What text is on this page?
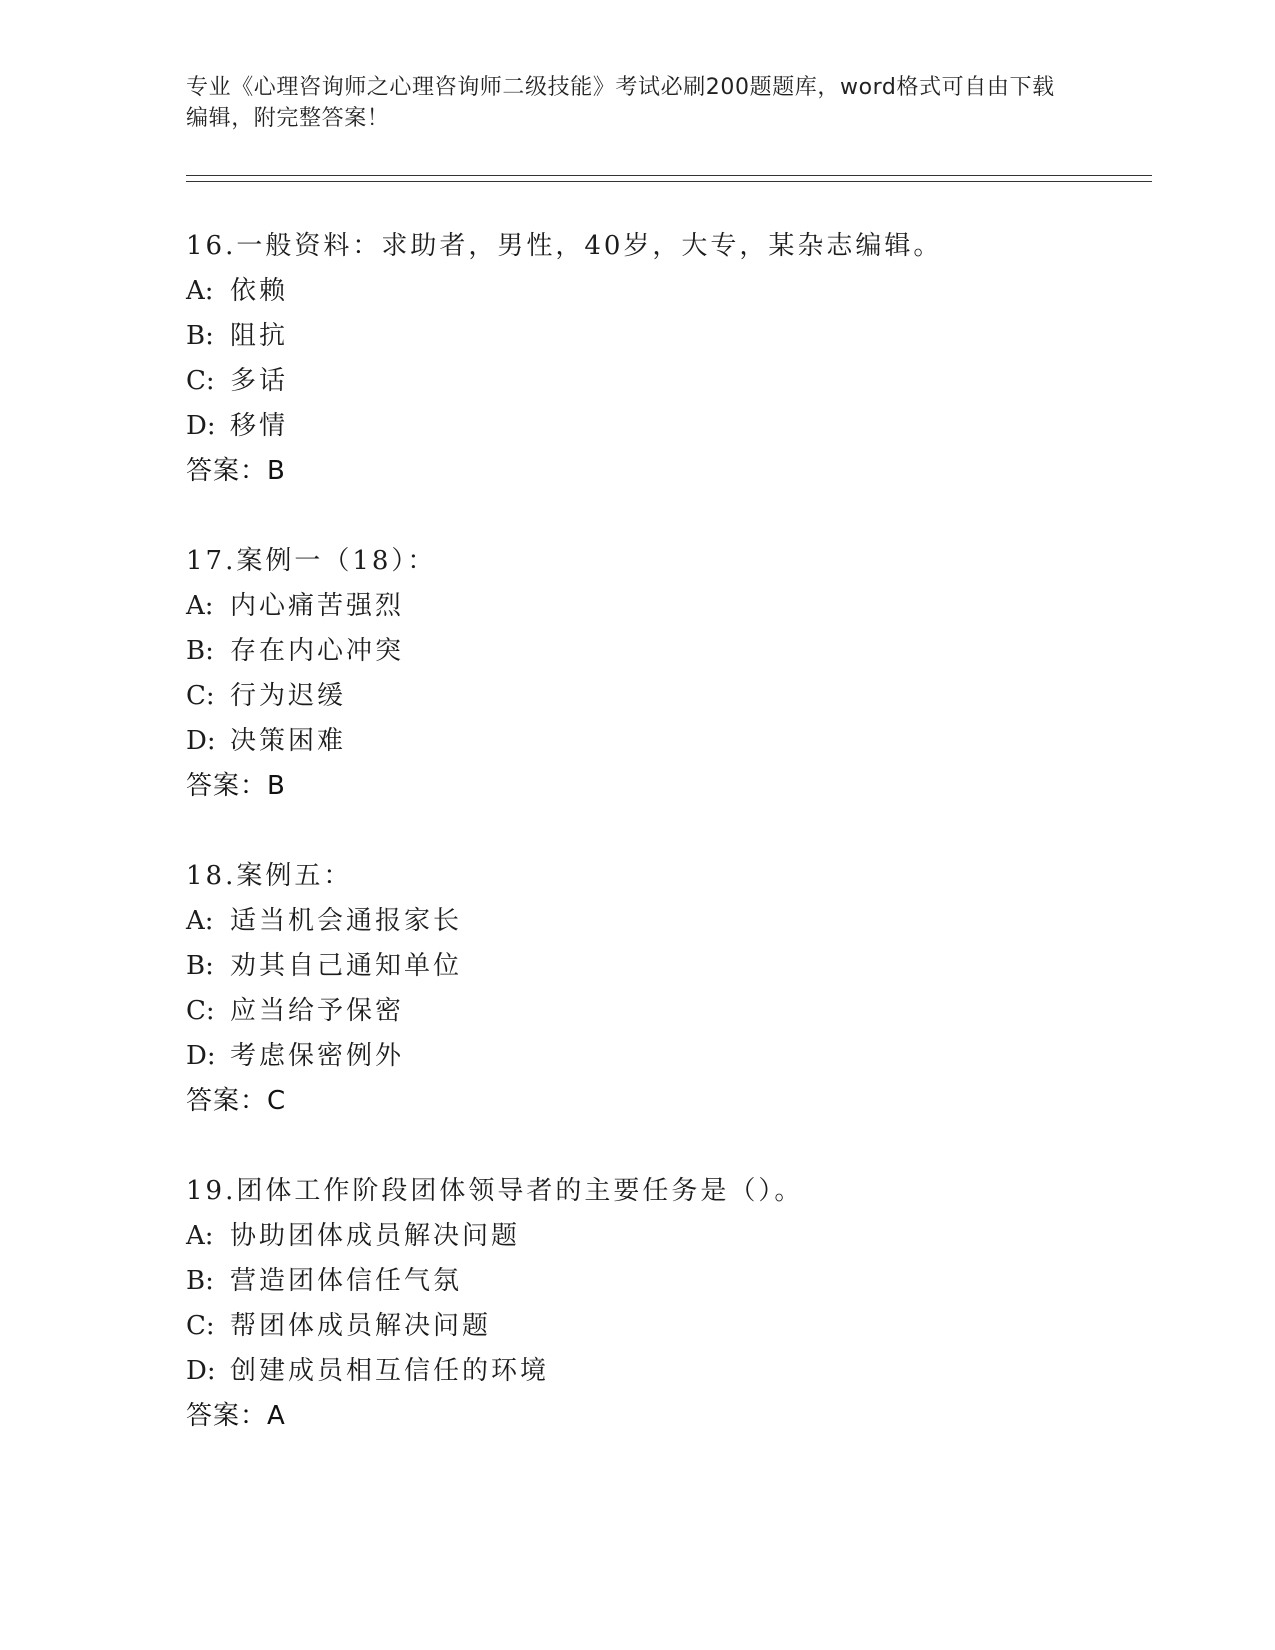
专业《心理咨询师之心理咨询师二级技能》考试必刷200题题库，word格式可自由下载编辑，附完整答案！
16.一般资料：求助者，男性，40岁，大专，某杂志编辑。
A: 依赖
B: 阻抗
C: 多话
D: 移情
答案：B
17.案例一（18）：
A: 内心痛苦强烈
B: 存在内心冲突
C: 行为迟缓
D: 决策困难
答案：B
18.案例五：
A: 适当机会通报家长
B: 劝其自己通知单位
C: 应当给予保密
D: 考虑保密例外
答案：C
19.团体工作阶段团体领导者的主要任务是（）。
A: 协助团体成员解决问题
B: 营造团体信任气氛
C: 帮团体成员解决问题
D: 创建成员相互信任的环境
答案：A
